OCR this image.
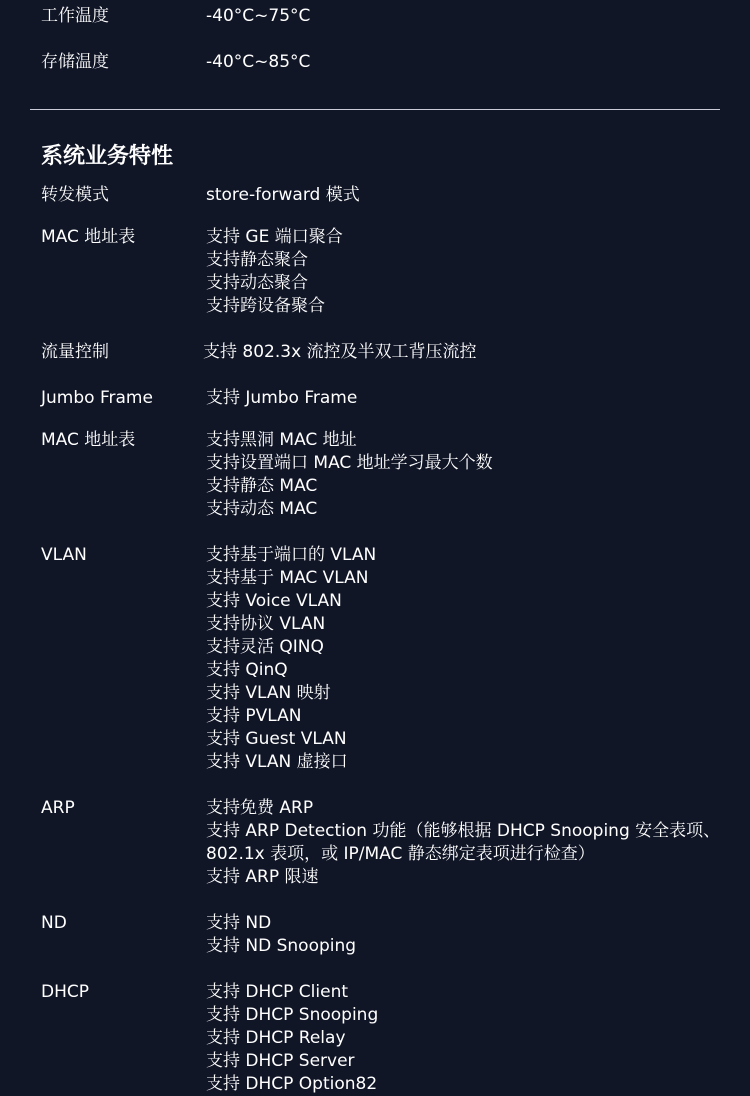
工作温度	-40°C~75°C
存储温度	-40°C~85°C
系统业务特性
转发模式	store-forward 模式
MAC 地址表	支持 GE 端口聚合
支持静态聚合
支持动态聚合
支持跨设备聚合
流量控制	支持 802.3x 流控及半双工背压流控
Jumbo Frame	支持 Jumbo Frame
MAC 地址表	支持黑洞 MAC 地址
支持设置端口 MAC 地址学习最大个数
支持静态 MAC
支持动态 MAC
VLAN	支持基于端口的 VLAN
支持基于 MAC VLAN
支持 Voice VLAN
支持协议 VLAN
支持灵活 QINQ
支持 QinQ
支持 VLAN 映射
支持 PVLAN
支持 Guest VLAN
支持 VLAN 虚接口
ARP	支持免费 ARP
支持 ARP Detection 功能（能够根据 DHCP Snooping 安全表项、
802.1x 表项，或 IP/MAC 静态绑定表项进行检查）
支持 ARP 限速
ND	支持 ND
支持 ND Snooping
DHCP	支持 DHCP Client
支持 DHCP Snooping
支持 DHCP Relay
支持 DHCP Server
支持 DHCP Option82
